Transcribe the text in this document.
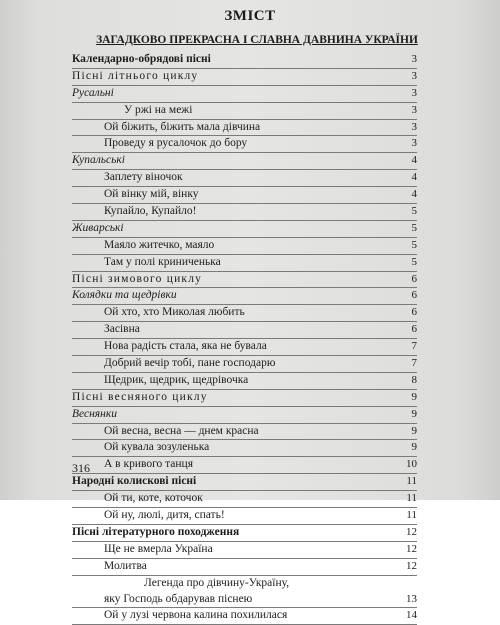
ЗМІСТ
ЗАГАДКОВО ПРЕКРАСНА І СЛАВНА ДАВНИНА УКРАЇНИ
Календарно-обрядові пісні	3
Пісні літнього циклу	3
Русальні	3
У ржі на межі	3
Ой біжить, біжить мала дівчина	3
Проведу я русалочок до бору	3
Купальські	4
Заплету віночок	4
Ой вінку мій, вінку	4
Купайло, Купайло!	5
Живарські	5
Маяло житечко, маяло	5
Там у полі криниченька	5
Пісні зимового циклу	6
Колядки та щедрівки	6
Ой хто, хто Миколая любить	6
Засівна	6
Нова радість стала, яка не бувала	7
Добрий вечір тобі, пане господарю	7
Щедрик, щедрик, щедрівочка	8
Пісні весняного циклу	9
Веснянки	9
Ой весна, весна — днем красна	9
Ой кувала зозуленька	9
А в кривого танця	10
Народні колискові пісні	11
Ой ти, коте, коточок	11
Ой ну, люлі, дитя, спать!	11
Пісні літературного походження	12
Ще не вмерла Україна	12
Молитва	12
Легенда про дівчину-Україну,
яку Господь обдарував піснею	13
Ой у лузі червона калина похилилася	14
316
